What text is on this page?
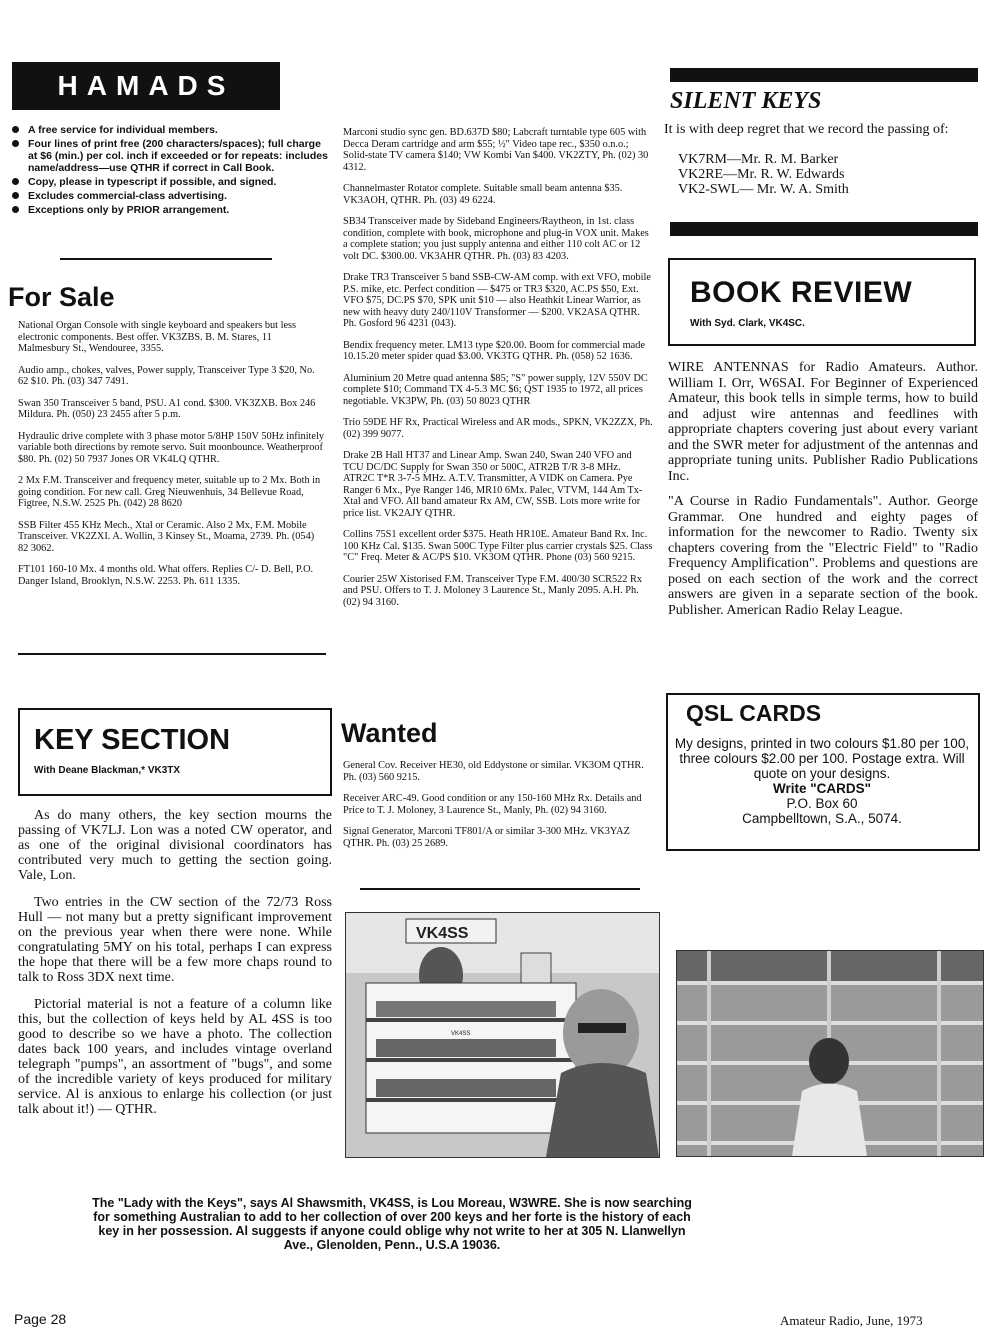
HAMADS
A free service for individual members.
Four lines of print free (200 characters/spaces); full charge at $6 (min.) per col. inch if exceeded or for repeats: includes name/address—use QTHR if correct in Call Book.
Copy, please in typescript if possible, and signed.
Excludes commercial-class advertising.
Exceptions only by PRIOR arrangement.
For Sale

National Organ Console with single keyboard and speakers but less electronic components. Best offer. VK3ZBS. B. M. Stares, 11 Malmesbury St., Wendouree, 3355.

Audio amp., chokes, valves, Power supply, Transceiver Type 3 $20, No. 62 $10. Ph. (03) 347 7491.

Swan 350 Transceiver 5 band, PSU. A1 cond. $300. VK3ZXB. Box 246 Mildura. Ph. (050) 23 2455 after 5 p.m.

Hydraulic drive complete with 3 phase motor 5/8HP 150V 50Hz infinitely variable both directions by remote servo. Suit moonbounce. Weatherproof $80. Ph. (02) 50 7937 Jones OR VK4LQ QTHR.

2 Mx F.M. Transceiver and frequency meter, suitable up to 2 Mx. Both in going condition. For new call. Greg Nieuwenhuis, 34 Bellevue Road, Figtree, N.S.W. 2525 Ph. (042) 28 8620

SSB Filter 455 KHz Mech., Xtal or Ceramic. Also 2 Mx, F.M. Mobile Transceiver. VK2ZXI. A. Wollin, 3 Kinsey St., Moama, 2739. Ph. (054) 82 3062.

FT101 160-10 Mx. 4 months old. What offers. Replies C/- D. Bell, P.O. Danger Island, Brooklyn, N.S.W. 2253. Ph. 611 1335.

Marconi studio sync gen. BD.637D $80; Labcraft turntable type 605 with Decca Deram cartridge and arm $55; ½" Video tape rec., $350 o.n.o.; Solid-state TV camera $140; VW Kombi Van $400. VK2ZTY, Ph. (02) 30 4312.

Channelmaster Rotator complete. Suitable small beam antenna $35. VK3AOH, QTHR. Ph. (03) 49 6224.

SB34 Transceiver made by Sideband Engineers/Raytheon, in 1st. class condition, complete with book, microphone and plug-in VOX unit. Makes a complete station; you just supply antenna and either 110 colt AC or 12 volt DC. $300.00. VK3AHR QTHR. Ph. (03) 83 4203.

Drake TR3 Transceiver 5 band SSB-CW-AM comp. with ext VFO, mobile P.S. mike, etc. Perfect condition — $475 or TR3 $320, AC.PS $50, Ext. VFO $75, DC.PS $70, SPK unit $10 — also Heathkit Linear Warrior, as new with heavy duty 240/110V Transformer — $200. VK2ASA QTHR. Ph. Gosford 96 4231 (043).

Bendix frequency meter. LM13 type $20.00. Boom for commercial made 10.15.20 meter spider quad $3.00. VK3TG QTHR. Ph. (058) 52 1636.

Aluminium 20 Metre quad antenna $85; "S" power supply, 12V 550V DC complete $10; Command TX 4-5.3 MC $6; QST 1935 to 1972, all prices negotiable. VK3PW, Ph. (03) 50 8023 QTHR

Trio 59DE HF Rx, Practical Wireless and AR mods., SPKN, VK2ZZX, Ph. (02) 399 9077.

Drake 2B Hall HT37 and Linear Amp. Swan 240, Swan 240 VFO and TCU DC/DC Supply for Swan 350 or 500C, ATR2B T/R 3-8 MHz. ATR2C T*R 3-7-5 MHz. A.T.V. Transmitter, A VIDK on Camera. Pye Ranger 6 Mx., Pye Ranger 146, MR10 6Mx. Palec, VTVM, 144 Am Tx-Xtal and VFO. All band amateur Rx AM, CW, SSB. Lots more write for price list. VK2AJY QTHR.

Collins 75S1 excellent order $375. Heath HR10E. Amateur Band Rx. Inc. 100 KHz Cal. $135. Swan 500C Type Filter plus carrier crystals $25. Class "C" Freq. Meter & AC/PS $10. VK3OM QTHR. Phone (03) 560 9215.

Courier 25W Xistorised F.M. Transceiver Type F.M. 400/30 SCR522 Rx and PSU. Offers to T. J. Moloney 3 Laurence St., Manly 2095. A.H. Ph. (02) 94 3160.

SILENT KEYS
It is with deep regret that we record the passing of:
VK7RM—Mr. R. M. Barker
VK2RE—Mr. R. W. Edwards
VK2-SWL— Mr. W. A. Smith
BOOK REVIEW
With Syd. Clark, VK4SC.

WIRE ANTENNAS for Radio Amateurs. Author. William I. Orr, W6SAI. For Beginner of Experienced Amateur, this book tells in simple terms, how to build and adjust wire antennas and feedlines with appropriate chapters covering just about every variant and the SWR meter for adjustment of the antennas and appropriate tuning units. Publisher Radio Publications Inc.

"A Course in Radio Fundamentals". Author. George Grammar. One hundred and eighty pages of information for the newcomer to Radio. Twenty six chapters covering from the "Electric Field" to "Radio Frequency Amplification". Problems and questions are posed on each section of the work and the correct answers are given in a separate section of the book. Publisher. American Radio Relay League.

QSL CARDS
My designs, printed in two colours $1.80 per 100, three colours $2.00 per 100. Postage extra. Will quote on your designs.
Write "CARDS"
P.O. Box 60
Campbelltown, S.A., 5074.
KEY SECTION
With Deane Blackman,* VK3TX

As do many others, the key section mourns the passing of VK7LJ. Lon was a noted CW operator, and as one of the original divisional coordinators has contributed very much to getting the section going. Vale, Lon.

Two entries in the CW section of the 72/73 Ross Hull — not many but a pretty significant improvement on the previous year when there were none. While congratulating 5MY on his total, perhaps I can express the hope that there will be a few more chaps round to talk to Ross 3DX next time.

Pictorial material is not a feature of a column like this, but the collection of keys held by AL 4SS is too good to describe so we have a photo. The collection dates back 100 years, and includes vintage overland telegraph "pumps", an assortment of "bugs", and some of the incredible variety of keys produced for military service. Al is anxious to enlarge his collection (or just talk about it!) — QTHR.

Wanted

General Cov. Receiver HE30, old Eddystone or similar. VK3OM QTHR. Ph. (03) 560 9215.

Receiver ARC-49. Good condition or any 150-160 MHz Rx. Details and Price to T. J. Moloney, 3 Laurence St., Manly, Ph. (02) 94 3160.

Signal Generator, Marconi TF801/A or similar 3-300 MHz. VK3YAZ QTHR. Ph. (03) 25 2689.

VK4SS
VK4SS
The "Lady with the Keys", says Al Shawsmith, VK4SS, is Lou Moreau, W3WRE. She is now searching for something Australian to add to her collection of over 200 keys and her forte is the history of each key in her possession. Al suggests if anyone could oblige why not write to her at 305 N. Llanwellyn Ave., Glenolden, Penn., U.S.A 19036.
Page 28	Amateur Radio, June, 1973
